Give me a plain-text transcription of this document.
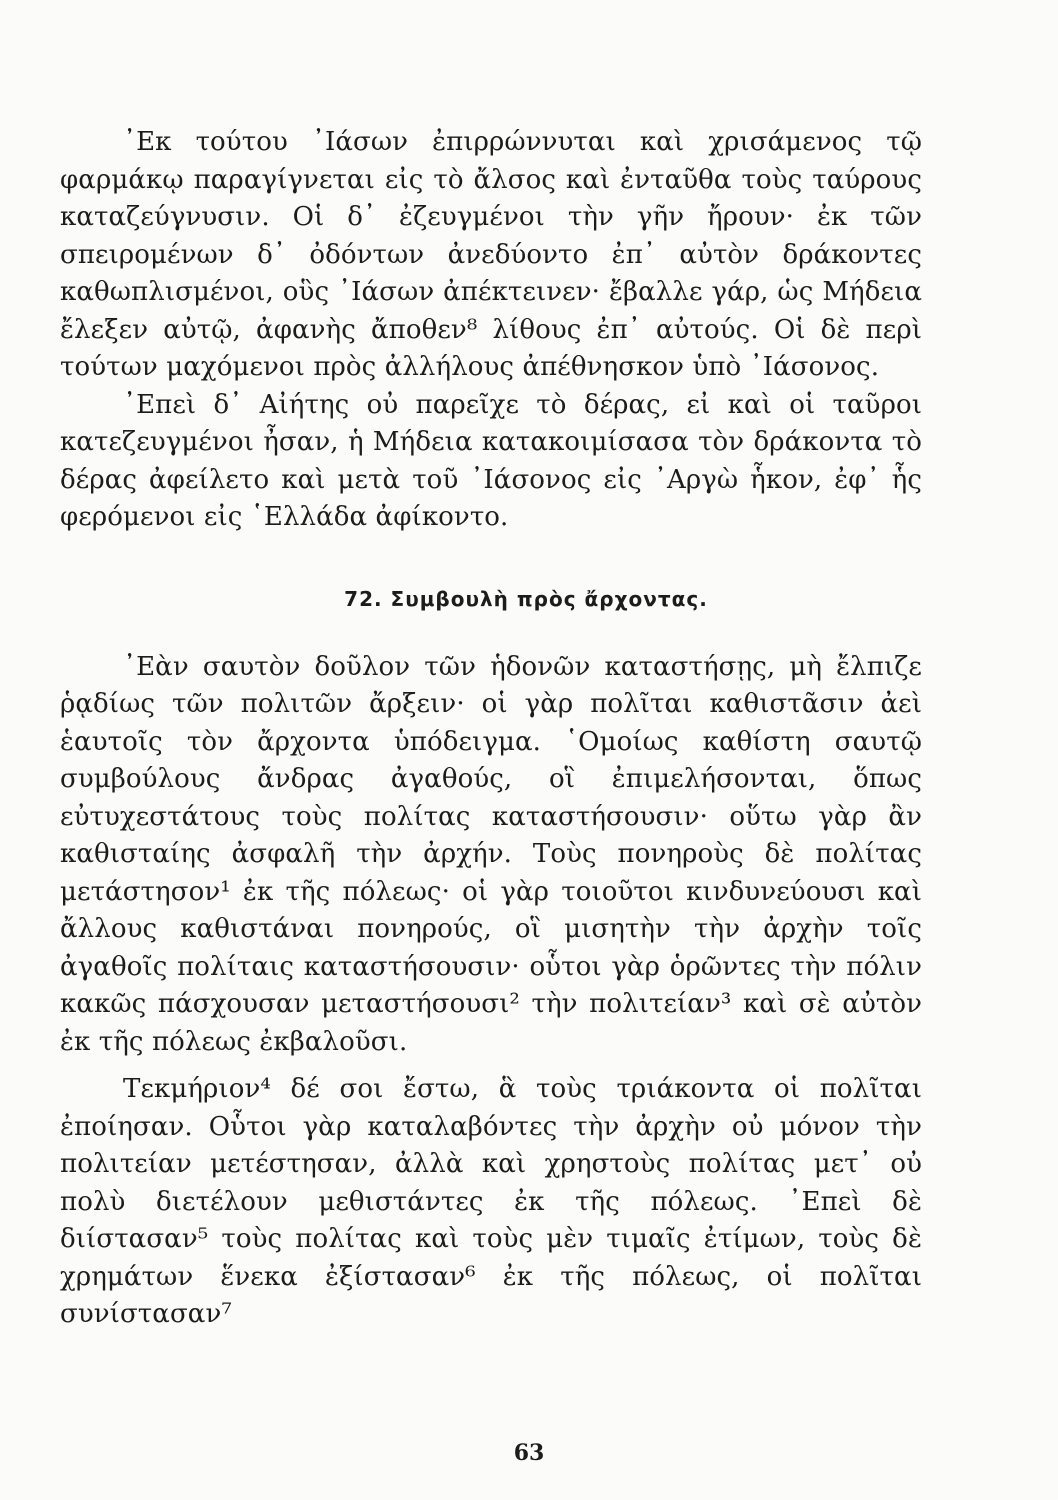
᾿Εκ τούτου ᾿Ιάσων ἐπιρρώννυται καὶ χρισάμενος τῷ φαρμάκῳ παραγίγνεται εἰς τὸ ἄλσος καὶ ἐνταῦθα τοὺς ταύρους καταζεύγνυσιν. Οἱ δ᾿ ἐζευγμένοι τὴν γῆν ἤρουν· ἐκ τῶν σπειρομένων δ᾿ ὀδόντων ἀνεδύοντο ἐπ᾿ αὐτὸν δράκοντες καθωπλισμένοι, οὓς ᾿Ιάσων ἀπέκτεινεν· ἔβαλλε γάρ, ὡς Μήδεια ἔλεξεν αὐτῷ, ἀφανὴς ἄποθεν⁸ λίθους ἐπ᾿ αὐτούς. Οἱ δὲ περὶ τούτων μαχόμενοι πρὸς ἀλλήλους ἀπέθνησκον ὑπὸ ᾿Ιάσονος.

᾿Επεὶ δ᾿ Αἰήτης οὐ παρεῖχε τὸ δέρας, εἰ καὶ οἱ ταῦροι κατεζευγμένοι ἦσαν, ἡ Μήδεια κατακοιμίσασα τὸν δράκοντα τὸ δέρας ἀφείλετο καὶ μετὰ τοῦ ᾿Ιάσονος εἰς ᾿Αργὼ ἧκον, ἐφ᾿ ἧς φερόμενοι εἰς ῾Ελλάδα ἀφίκοντο.

72. Συμβουλὴ πρὸς ἄρχοντας.

᾿Εὰν σαυτὸν δοῦλον τῶν ἡδονῶν καταστήσῃς, μὴ ἔλπιζε ῥᾳδίως τῶν πολιτῶν ἄρξειν· οἱ γὰρ πολῖται καθιστᾶσιν ἀεὶ ἑαυτοῖς τὸν ἄρχοντα ὑπόδειγμα. ῾Ομοίως καθίστη σαυτῷ συμβούλους ἄνδρας ἀγαθούς, οἳ ἐπιμελήσονται, ὅπως εὐτυχεστάτους τοὺς πολίτας καταστήσουσιν· οὕτω γὰρ ἂν καθισταίης ἀσφαλῆ τὴν ἀρχήν. Τοὺς πονηροὺς δὲ πολίτας μετάστησον¹ ἐκ τῆς πόλεως· οἱ γὰρ τοιοῦτοι κινδυνεύουσι καὶ ἄλλους καθιστάναι πονηρούς, οἳ μισητὴν τὴν ἀρχὴν τοῖς ἀγαθοῖς πολίταις καταστήσουσιν· οὗτοι γὰρ ὁρῶντες τὴν πόλιν κακῶς πάσχουσαν μεταστήσουσι² τὴν πολιτείαν³ καὶ σὲ αὐτὸν ἐκ τῆς πόλεως ἐκβαλοῦσι.

Τεκμήριον⁴ δέ σοι ἔστω, ἃ τοὺς τριάκοντα οἱ πολῖται ἐποίησαν. Οὗτοι γὰρ καταλαβόντες τὴν ἀρχὴν οὐ μόνον τὴν πολιτείαν μετέστησαν, ἀλλὰ καὶ χρηστοὺς πολίτας μετ᾿ οὐ πολὺ διετέλουν μεθιστάντες ἐκ τῆς πόλεως. ᾿Επεὶ δὲ διίστασαν⁵ τοὺς πολίτας καὶ τοὺς μὲν τιμαῖς ἐτίμων, τοὺς δὲ χρημάτων ἕνεκα ἐξίστασαν⁶ ἐκ τῆς πόλεως, οἱ πολῖται συνίστασαν⁷

63
